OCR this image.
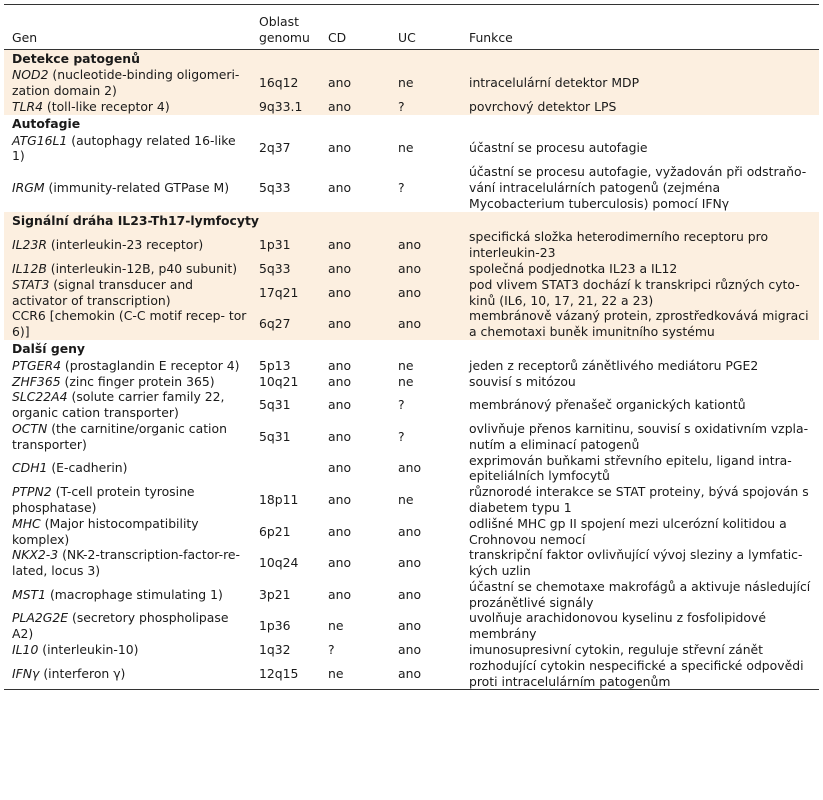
Gen	Oblast genomu	CD	UC	Funkce
Detekce patogenů				
NOD2 (nucleotide-binding oligomeri- zation domain 2)	16q12	ano	ne	intracelulární detektor MDP
TLR4 (toll-like receptor 4)	9q33.1	ano	?	povrchový detektor LPS
Autofagie				
ATG16L1 (autophagy related 16-like 1)	2q37	ano	ne	účastní se procesu autofagie
IRGM (immunity-related GTPase M)	5q33	ano	?	účastní se procesu autofagie, vyžadován při odstraňo- vání intracelulárních patogenů (zejména Mycobacterium tuberculosis) pomocí IFNγ
Signální dráha IL23-Th17-lymfocyty				
IL23R (interleukin-23 receptor)	1p31	ano	ano	specifická složka heterodimerního receptoru pro interleukin-23
IL12B (interleukin-12B, p40 subunit)	5q33	ano	ano	společná podjednotka IL23 a IL12
STAT3 (signal transducer and activator of transcription)	17q21	ano	ano	pod vlivem STAT3 dochází k transkripci různých cyto- kinů (IL6, 10, 17, 21, 22 a 23)
CCR6 [chemokin (C-C motif recep- tor 6)]	6q27	ano	ano	membránově vázaný protein, zprostředkovává migraci a chemotaxi buněk imunitního systému
Další geny				
PTGER4 (prostaglandin E receptor 4)	5p13	ano	ne	jeden z receptorů zánětlivého mediátoru PGE2
ZHF365 (zinc finger protein 365)	10q21	ano	ne	souvisí s mitózou
SLC22A4 (solute carrier family 22, organic cation transporter)	5q31	ano	?	membránový přenašeč organických kationtů
OCTN (the carnitine/organic cation transporter)	5q31	ano	?	ovlivňuje přenos karnitinu, souvisí s oxidativním vzpla- nutím a eliminací patogenů
CDH1 (E-cadherin)		ano	ano	exprimován buňkami střevního epitelu, ligand intra- epiteliálních lymfocytů
PTPN2 (T-cell protein tyrosine phosphatase)	18p11	ano	ne	různorodé interakce se STAT proteiny, bývá spojován s diabetem typu 1
MHC (Major histocompatibility komplex)	6p21	ano	ano	odlišné MHC gp II spojení mezi ulcerózní kolitidou a Crohnovou nemocí
NKX2-3 (NK-2-transcription-factor-re- lated, locus 3)	10q24	ano	ano	transkripční faktor ovlivňující vývoj sleziny a lymfatic- kých uzlin
MST1 (macrophage stimulating 1)	3p21	ano	ano	účastní se chemotaxe makrofágů a aktivuje následující prozánětlivé signály
PLA2G2E (secretory phospholipase A2)	1p36	ne	ano	uvolňuje arachidonovou kyselinu z fosfolipidové membrány
IL10 (interleukin-10)	1q32	?	ano	imunosupresivní cytokin, reguluje střevní zánět
IFNγ (interferon γ)	12q15	ne	ano	rozhodující cytokin nespecifické a specifické odpovědi proti intracelulárním patogenům
